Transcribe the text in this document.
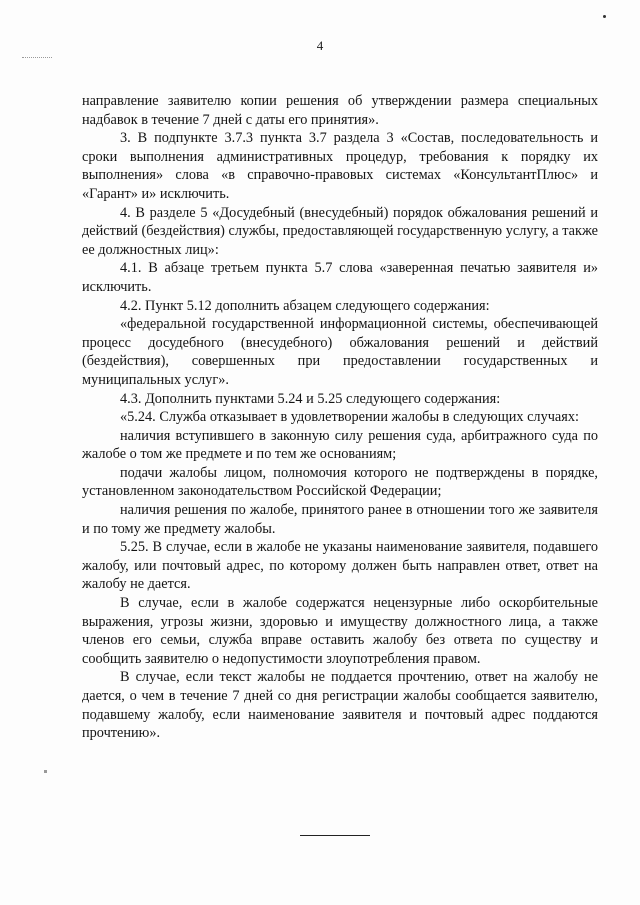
4

направление заявителю копии решения об утверждении размера специальных надбавок в течение 7 дней с даты его принятия».

3. В подпункте 3.7.3 пункта 3.7 раздела 3 «Состав, последовательность и сроки выполнения административных процедур, требования к порядку их выполнения» слова «в справочно-правовых системах «КонсультантПлюс» и «Гарант» и» исключить.

4. В разделе 5 «Досудебный (внесудебный) порядок обжалования решений и действий (бездействия) службы, предоставляющей государственную услугу, а также ее должностных лиц»:

4.1. В абзаце третьем пункта 5.7 слова «заверенная печатью заявителя и» исключить.

4.2. Пункт 5.12 дополнить абзацем следующего содержания:

«федеральной государственной информационной системы, обеспечивающей процесс досудебного (внесудебного) обжалования решений и действий (бездействия), совершенных при предоставлении государственных и муниципальных услуг».

4.3. Дополнить пунктами 5.24 и 5.25 следующего содержания:

«5.24. Служба отказывает в удовлетворении жалобы в следующих случаях:

наличия вступившего в законную силу решения суда, арбитражного суда по жалобе о том же предмете и по тем же основаниям;

подачи жалобы лицом, полномочия которого не подтверждены в порядке, установленном законодательством Российской Федерации;

наличия решения по жалобе, принятого ранее в отношении того же заявителя и по тому же предмету жалобы.

5.25. В случае, если в жалобе не указаны наименование заявителя, подавшего жалобу, или почтовый адрес, по которому должен быть направлен ответ, ответ на жалобу не дается.

В случае, если в жалобе содержатся нецензурные либо оскорбительные выражения, угрозы жизни, здоровью и имуществу должностного лица, а также членов его семьи, служба вправе оставить жалобу без ответа по существу и сообщить заявителю о недопустимости злоупотребления правом.

В случае, если текст жалобы не поддается прочтению, ответ на жалобу не дается, о чем в течение 7 дней со дня регистрации жалобы сообщается заявителю, подавшему жалобу, если наименование заявителя и почтовый адрес поддаются прочтению».
